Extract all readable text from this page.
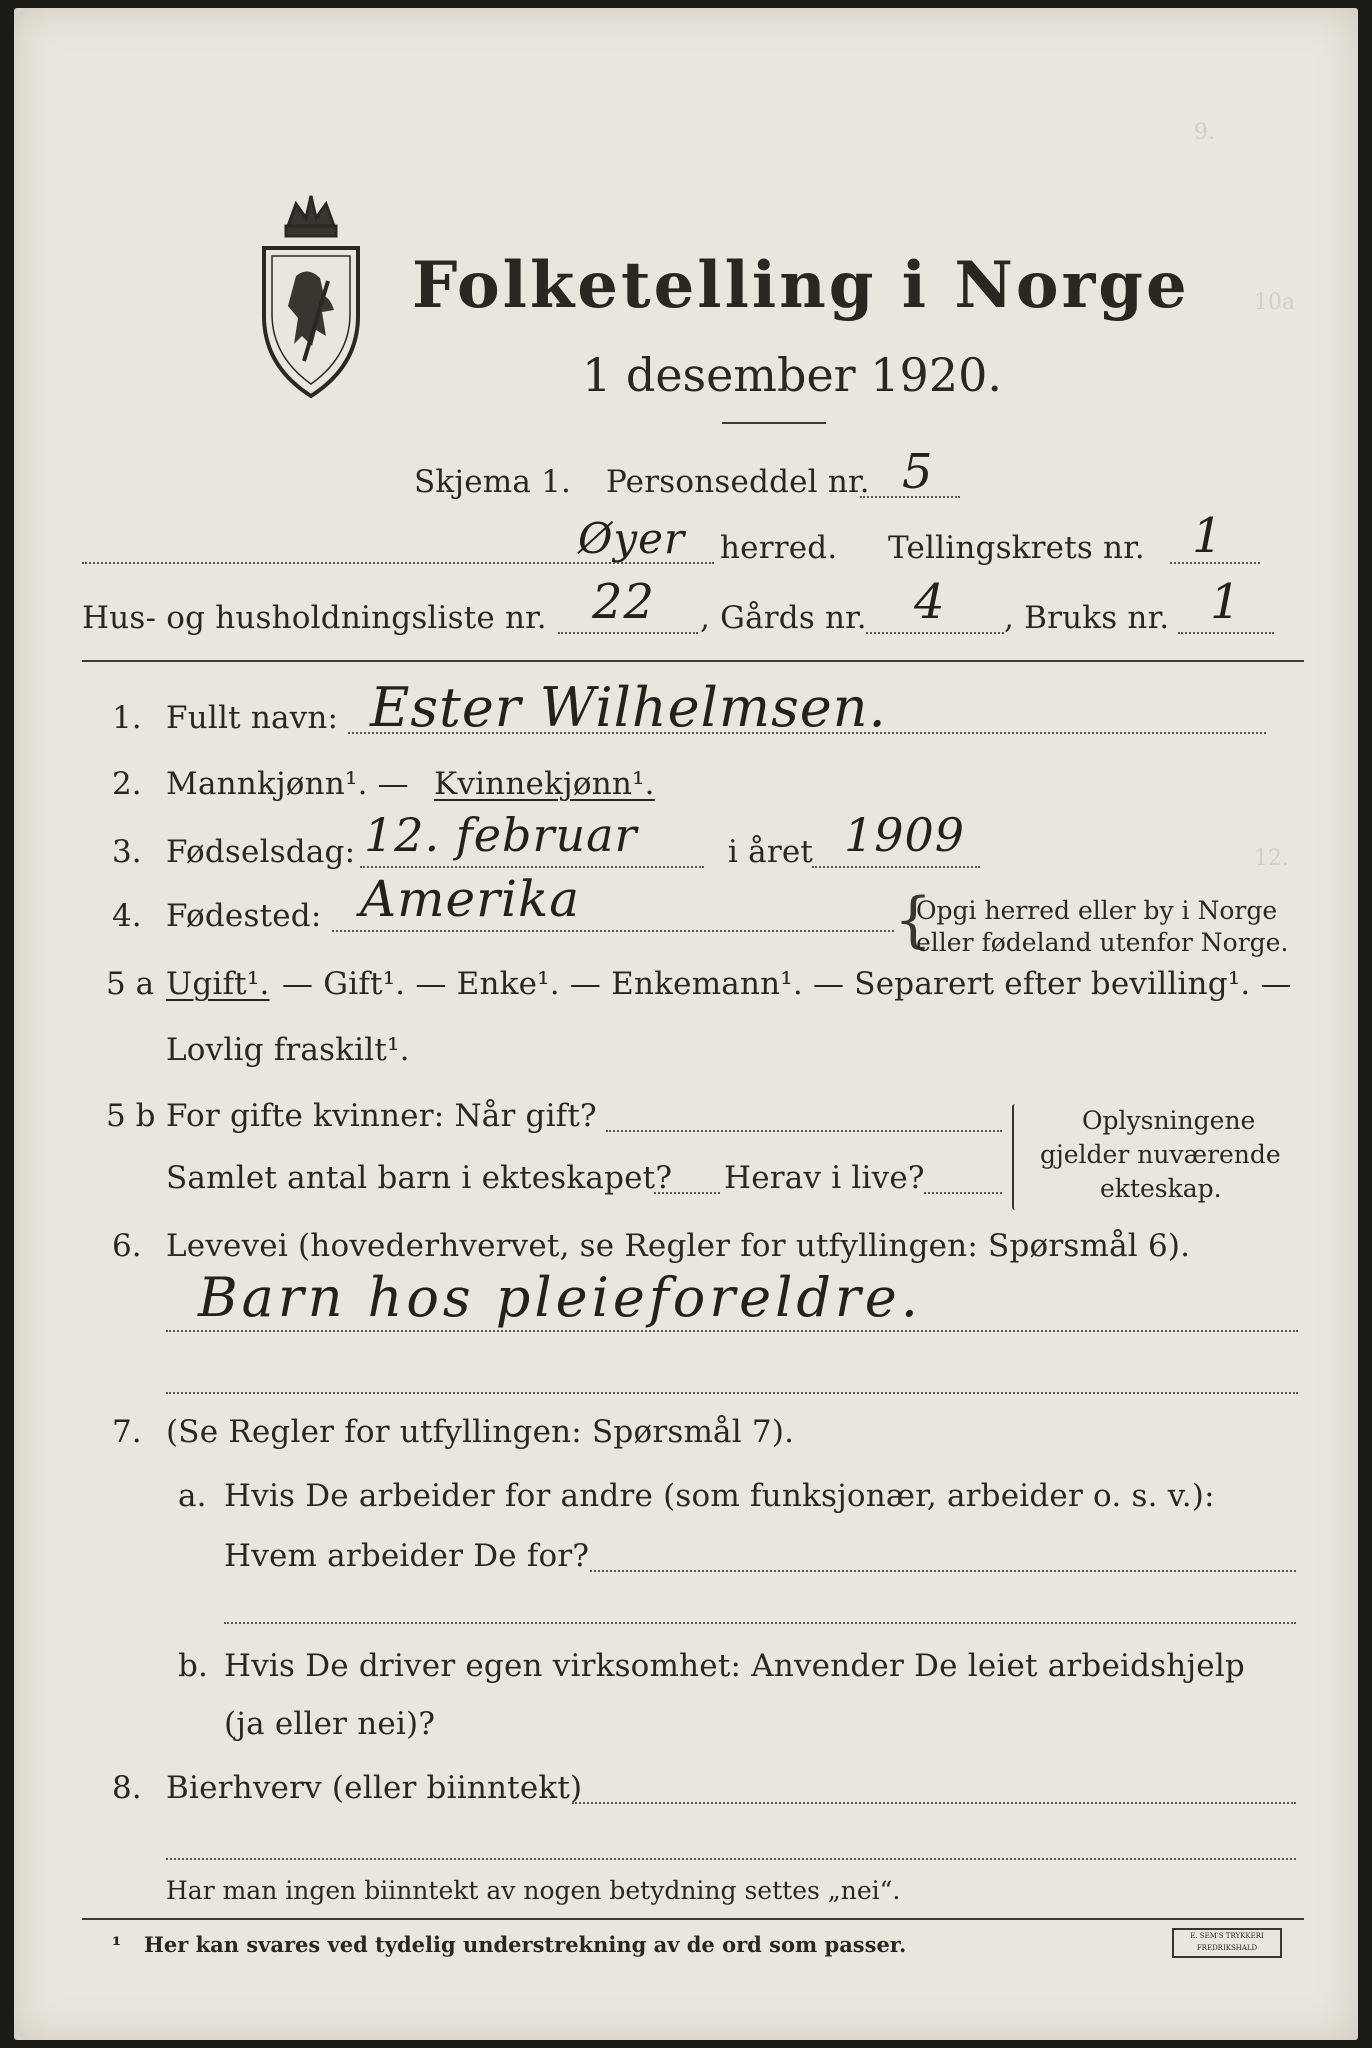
9.
10a
12.
Folketelling i Norge
1 desember 1920.
Skjema 1. Personseddel nr. 5
Øyer herred. Tellingskrets nr. 1
Hus- og husholdningsliste nr. 22 , Gårds nr. 4 , Bruks nr. 1
1. Fullt navn: Ester Wilhelmsen.
2. Mannkjønn¹. — Kvinnekjønn¹.
3. Fødselsdag: 12. februar	i året 1909
4. Fødested: Amerika	{
Opgi herred eller by i Norge
eller fødeland utenfor Norge.
5 a Ugift¹. — Gift¹. — Enke¹. — Enkemann¹. — Separert efter bevilling¹. —
Lovlig fraskilt¹.
5 b For gifte kvinner: Når gift?
Samlet antal barn i ekteskapet? Herav i live?
Oplysningene
gjelder nuværende
ekteskap.
6. Levevei (hovederhvervet, se Regler for utfyllingen: Spørsmål 6).
Barn hos pleieforeldre.
7. (Se Regler for utfyllingen: Spørsmål 7).
a. Hvis De arbeider for andre (som funksjonær, arbeider o. s. v.):
Hvem arbeider De for?
b. Hvis De driver egen virksomhet: Anvender De leiet arbeidshjelp
(ja eller nei)?
8. Bierhverv (eller biinntekt)
Har man ingen biinntekt av nogen betydning settes „nei“.
¹ Her kan svares ved tydelig understrekning av de ord som passer.	E. SEM'S TRYKKERI FREDRIKSHALD
